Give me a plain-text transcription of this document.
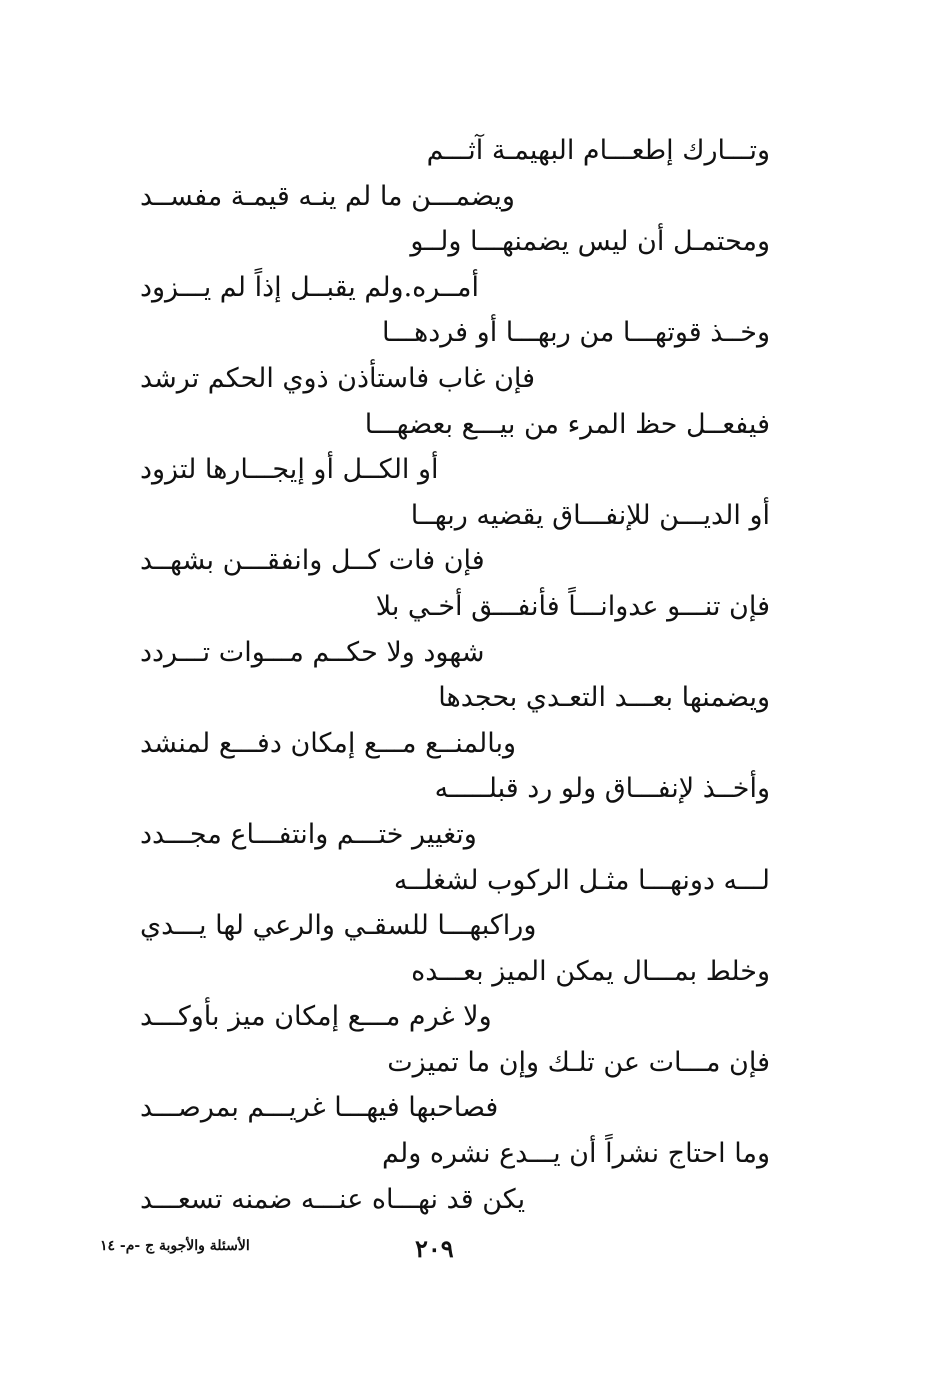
وتـــارك إطعـــام البهيمـة آثـــم
ويضمـــن ما لم ينـه قيمـة مفســد
ومحتمـل أن ليس يضمنهـــا ولــو
أمــره.ولم يقبــل إذاً لم يـــزود
وخــذ قوتهـــا من ربهـــا أو فردهـــا
فإن غاب فاستأذن ذوي الحكم ترشد
فيفعــل حظ المرء من بيـــع بعضهـــا
أو الكــل أو إيجـــارها لتزود
أو الديـــن للإنفـــاق يقضيه ربهــا
فإن فات كــل وانفقـــن بشهــد
فإن تنـــو عدوانـــاً فأنفـــق أخـي بلا
شهود ولا حكــم مـــوات تـــردد
ويضمنها بعـــد التعـدي بحجدها
وبالمنــع مـــع إمكان دفـــع لمنشد
وأخــذ لإنفـــاق ولو رد قبلـــــه
وتغيير ختـــم وانتفـــاع مجـــدد
لـــه دونهـــا مثـل الركوب لشغلــه
وراكبهـــا للسقـي والرعي لها يـــدي
وخلط بمـــال يمكن الميز بعـــده
ولا غرم مـــع إمكان ميز بأوكـــد
فإن مـــات عن تلـك وإن ما تميزت
فصاحبها فيهـــا غريـــم بمرصـــد
وما احتاج نشراً أن يـــدع نشره ولم
يكن قد نهـــاه عنـــه ضمنه تسعـــد
٢٠٩
الأسئلة والأجوبة ج -م- ١٤
